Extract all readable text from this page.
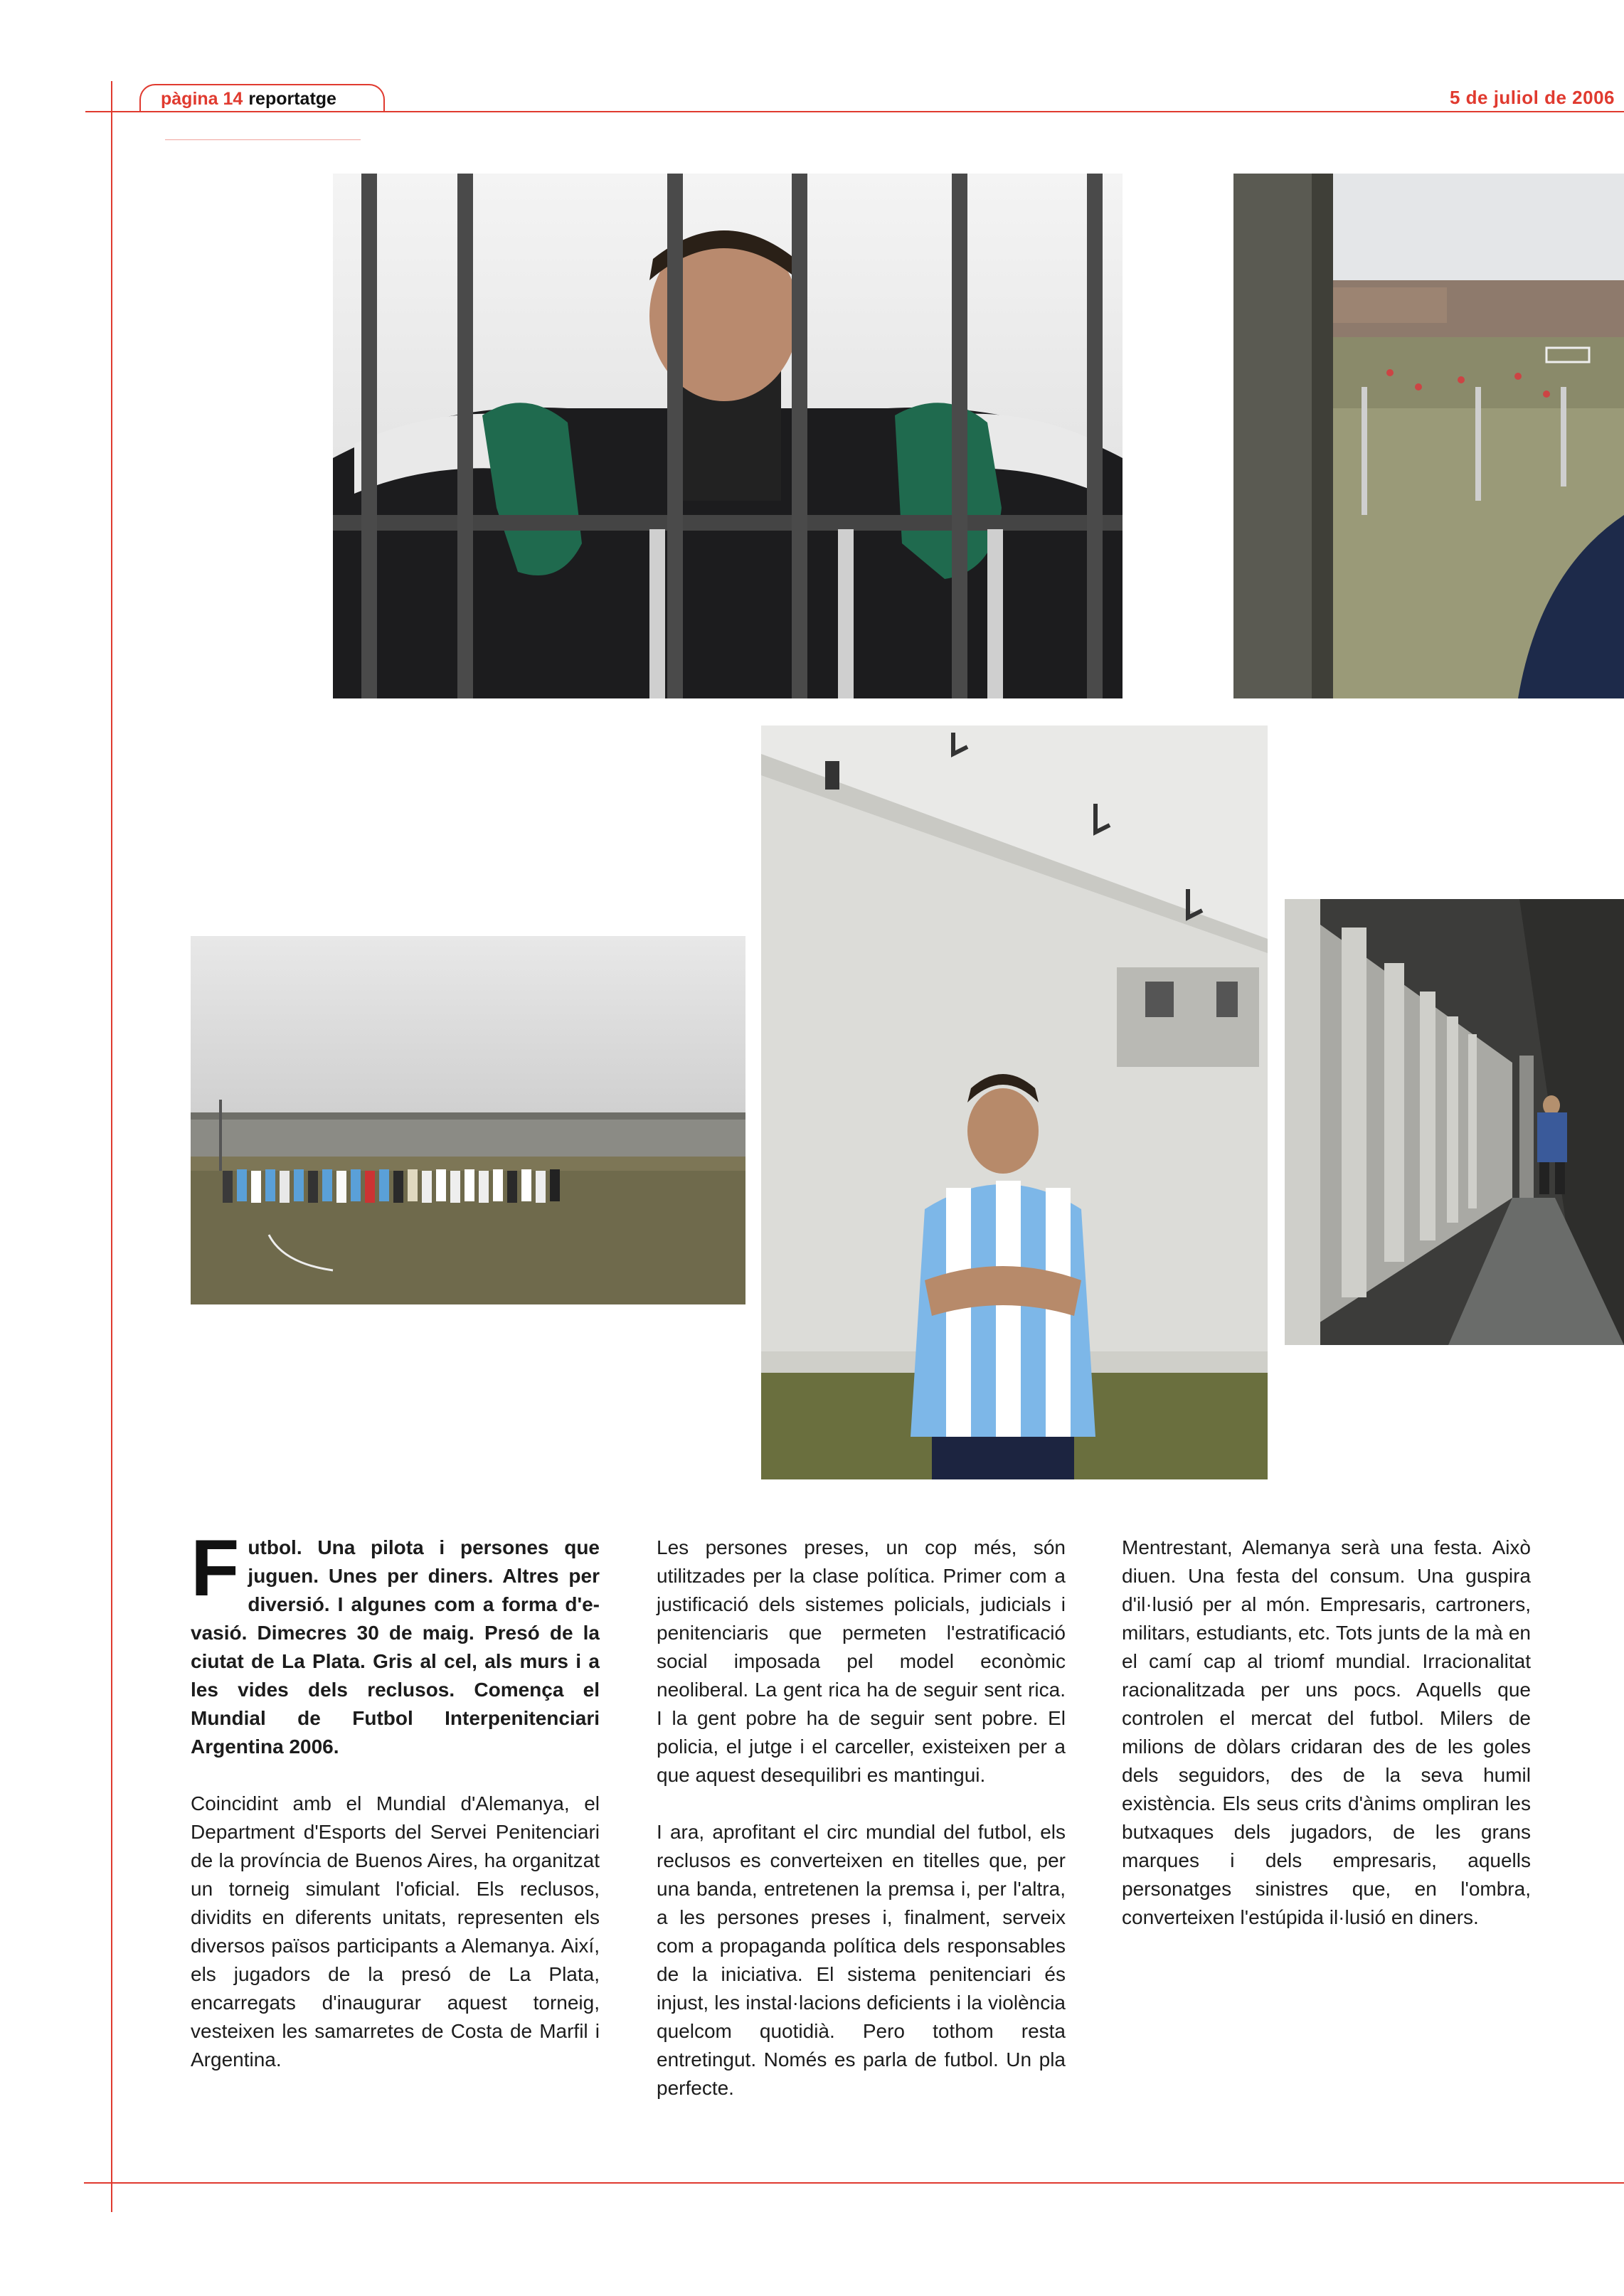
pàgina 14 reportatge	5 de juliol de 2006

Futbol. Una pilota i persones que juguen. Unes per diners. Altres per diversió. I algunes com a forma d'e-vasió. Dimecres 30 de maig. Presó de la ciutat de La Plata. Gris al cel, als murs i a les vides dels reclusos. Comença el Mundial de Futbol Interpenitenciari Argentina 2006.

Coincidint amb el Mundial d'Alemanya, el Department d'Esports del Servei Penitenciari de la província de Buenos Aires, ha organitzat un torneig simulant l'oficial. Els reclusos, dividits en diferents unitats, representen els diversos països participants a Alemanya. Així, els jugadors de la presó de La Plata, encarregats d'inaugurar aquest torneig, vesteixen les samarretes de Costa de Marfil i Argentina.

Les persones preses, un cop més, són utilitzades per la clase política. Primer com a justificació dels sistemes policials, judicials i penitenciaris que permeten l'estratificació social imposada pel model econòmic neoliberal. La gent rica ha de seguir sent rica. I la gent pobre ha de seguir sent pobre. El policia, el jutge i el carceller, existeixen per a que aquest desequilibri es mantingui.

I ara, aprofitant el circ mundial del futbol, els reclusos es converteixen en titelles que, per una banda, entretenen la premsa i, per l'altra, a les persones preses i, finalment, serveix com a propaganda política dels responsables de la iniciativa. El sistema penitenciari és injust, les instal·lacions deficients i la violència quelcom quotidià. Pero tothom resta entretingut. Només es parla de futbol. Un pla perfecte.

Mentrestant, Alemanya serà una festa. Això diuen. Una festa del consum. Una guspira d'il·lusió per al món. Empresaris, cartroners, militars, estudiants, etc. Tots junts de la mà en el camí cap al triomf mundial. Irracionalitat racionalitzada per uns pocs. Aquells que controlen el mercat del futbol. Milers de milions de dòlars cridaran des de les goles dels seguidors, des de la seva humil existència. Els seus crits d'ànims ompliran les butxaques dels jugadors, de les grans marques i dels empresaris, aquells personatges sinistres que, en l'ombra, converteixen l'estúpida il·lusió en diners.
